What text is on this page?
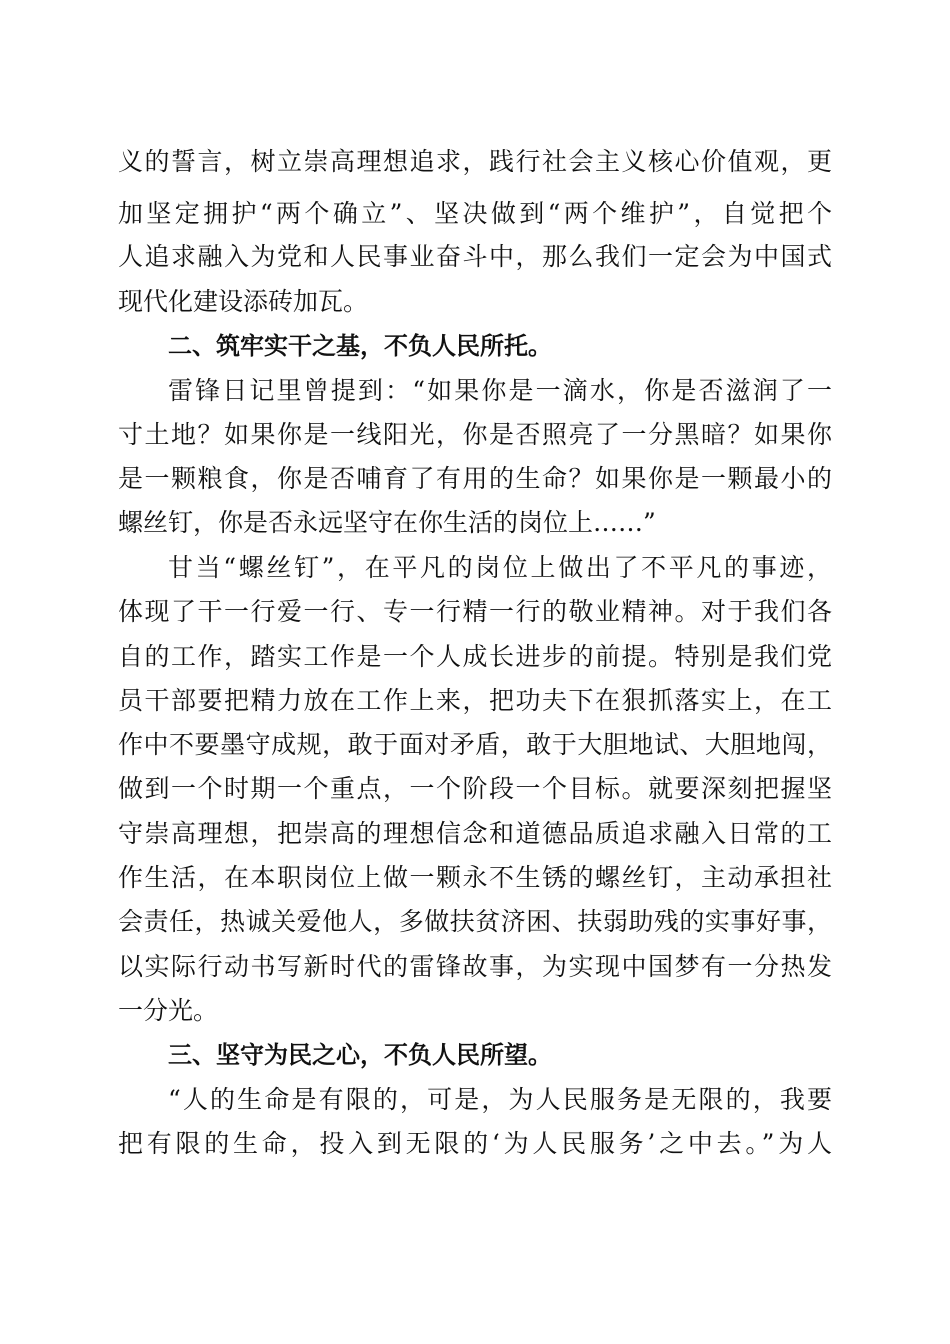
义的誓言，树立崇高理想追求，践行社会主义核心价值观，更
加坚定拥护“两个确立”、坚决做到“两个维护”，自觉把个
人追求融入为党和人民事业奋斗中，那么我们一定会为中国式
现代化建设添砖加瓦。
二、筑牢实干之基，不负人民所托。
雷锋日记里曾提到：“如果你是一滴水，你是否滋润了一
寸土地？如果你是一线阳光，你是否照亮了一分黑暗？如果你
是一颗粮食，你是否哺育了有用的生命？如果你是一颗最小的
螺丝钉，你是否永远坚守在你生活的岗位上……”
甘当“螺丝钉”，在平凡的岗位上做出了不平凡的事迹，
体现了干一行爱一行、专一行精一行的敬业精神。对于我们各
自的工作，踏实工作是一个人成长进步的前提。特别是我们党
员干部要把精力放在工作上来，把功夫下在狠抓落实上，在工
作中不要墨守成规，敢于面对矛盾，敢于大胆地试、大胆地闯，
做到一个时期一个重点，一个阶段一个目标。就要深刻把握坚
守崇高理想，把崇高的理想信念和道德品质追求融入日常的工
作生活，在本职岗位上做一颗永不生锈的螺丝钉，主动承担社
会责任，热诚关爱他人，多做扶贫济困、扶弱助残的实事好事，
以实际行动书写新时代的雷锋故事，为实现中国梦有一分热发
一分光。
三、坚守为民之心，不负人民所望。
“人的生命是有限的，可是，为人民服务是无限的，我要
把有限的生命，投入到无限的‘为人民服务’之中去。”为人
